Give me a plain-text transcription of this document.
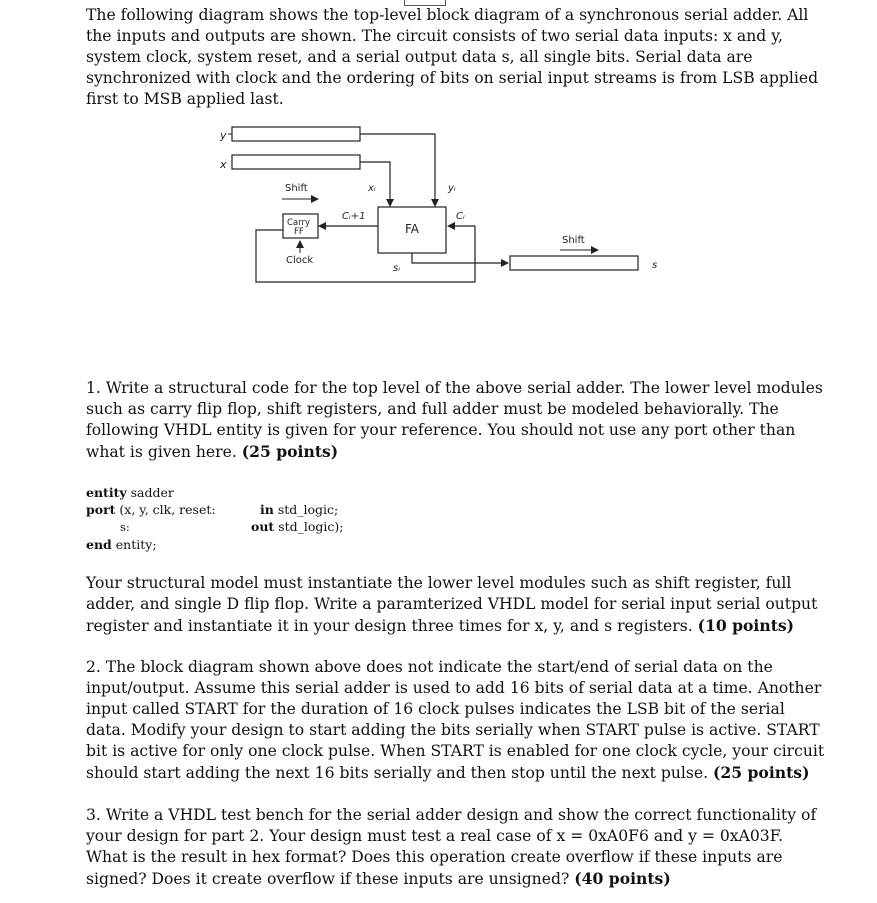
The following diagram shows the top-level block diagram of a synchronous serial adder. All the inputs and outputs are shown. The circuit consists of two serial data inputs: x and y, system clock, system reset, and a serial output data s, all single bits. Serial data are synchronized with clock and the ordering of bits on serial input streams is from LSB applied first to MSB applied last.

y
x
Shift	xᵢ	yᵢ
FA
Cᵢ
Cᵢ+1
Carry
FF
Clock
sᵢ
Shift
s

1. Write a structural code for the top level of the above serial adder. The lower level modules such as carry flip flop, shift registers, and full adder must be modeled behaviorally. The following VHDL entity is given for your reference. You should not use any port other than what is given here. (25 points)

entity sadder
port (x, y, clk, reset:
s:
end entity;
in std_logic;
out std_logic);

Your structural model must instantiate the lower level modules such as shift register, full adder, and single D flip flop. Write a paramterized VHDL model for serial input serial output register and instantiate it in your design three times for x, y, and s registers. (10 points)

2. The block diagram shown above does not indicate the start/end of serial data on the input/output. Assume this serial adder is used to add 16 bits of serial data at a time. Another input called START for the duration of 16 clock pulses indicates the LSB bit of the serial data. Modify your design to start adding the bits serially when START pulse is active. START bit is active for only one clock pulse. When START is enabled for one clock cycle, your circuit should start adding the next 16 bits serially and then stop until the next pulse. (25 points)

3. Write a VHDL test bench for the serial adder design and show the correct functionality of your design for part 2. Your design must test a real case of x = 0xA0F6 and y = 0xA03F. What is the result in hex format? Does this operation create overflow if these inputs are signed? Does it create overflow if these inputs are unsigned? (40 points)
